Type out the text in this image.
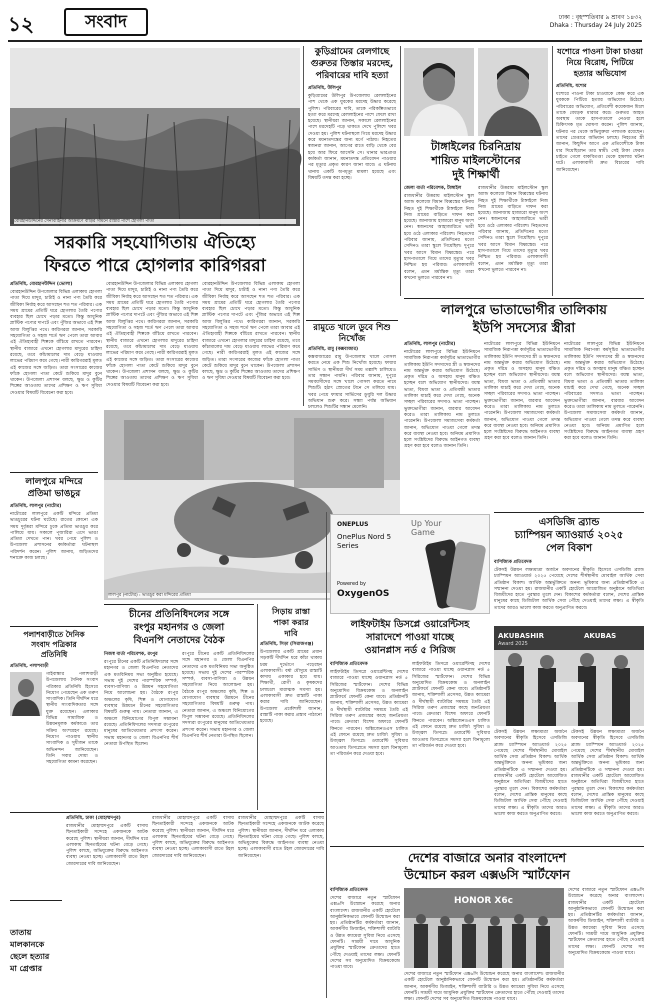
১২	সংবাদ	ঢাকা : বৃহস্পতিবার ৯ শ্রাবণ ১৪৩২
Dhaka : Thursday 24 July 2025
বোরহানউদ্দিনের সেনাবাহিনীর আক্রমণে বাড়ির সামনে রাস্তার পাশে হোগলা পাতা
সরকারি সহযোগিতায় ঐতিহ্যে
ফিরতে পারে হোগলার কারিগররা
প্রতিনিধি, বোরহানউদ্দিন (ভোলা)
বোরহানউদ্দিন উপজেলার বিভিন্ন এলাকায় হোগলা পাতা দিয়ে মাদুর, চাটাই ও নানা পণ্য তৈরি করে জীবিকা নির্বাহ করে আসছেন শত শত পরিবার। এক সময় গ্রামের প্রতিটি ঘরে হোগলার তৈরি পণ্যের ব্যবহার ছিল চোখে পড়ার মতো। কিন্তু আধুনিক প্লাস্টিক পণ্যের দাপটে এবং পুঁজির অভাবে এই শিল্প আজ বিলুপ্তির পথে। কারিগররা জানান, সরকারি সহযোগিতা ও সহজ শর্তে ঋণ পেলে তারা আবার এই ঐতিহ্যবাহী শিল্পকে বাঁচিয়ে রাখতে পারবেন। স্থানীয় বাজারে এখনো হোগলার মাদুরের চাহিদা রয়েছে, তবে কাঁচামালের দাম বেড়ে যাওয়ায় লাভের পরিমাণ কমে গেছে। নারী কারিগররাই মূলত এই কাজের সঙ্গে জড়িত। তারা সংসারের কাজের ফাঁকে হোগলা পাতা কেটে শুকিয়ে মাদুর বুনে থাকেন। উপজেলা প্রশাসন বলছে, ক্ষুদ্র ও কুটির শিল্পের আওতায় তাদের প্রশিক্ষণ ও ঋণ সুবিধা দেওয়ার বিষয়টি বিবেচনা করা হবে।
বোরহানউদ্দিন উপজেলার বিভিন্ন এলাকায় হোগলা পাতা দিয়ে মাদুর, চাটাই ও নানা পণ্য তৈরি করে জীবিকা নির্বাহ করে আসছেন শত শত পরিবার। এক সময় গ্রামের প্রতিটি ঘরে হোগলার তৈরি পণ্যের ব্যবহার ছিল চোখে পড়ার মতো। কিন্তু আধুনিক প্লাস্টিক পণ্যের দাপটে এবং পুঁজির অভাবে এই শিল্প আজ বিলুপ্তির পথে। কারিগররা জানান, সরকারি সহযোগিতা ও সহজ শর্তে ঋণ পেলে তারা আবার এই ঐতিহ্যবাহী শিল্পকে বাঁচিয়ে রাখতে পারবেন। স্থানীয় বাজারে এখনো হোগলার মাদুরের চাহিদা রয়েছে, তবে কাঁচামালের দাম বেড়ে যাওয়ায় লাভের পরিমাণ কমে গেছে। নারী কারিগররাই মূলত এই কাজের সঙ্গে জড়িত। তারা সংসারের কাজের ফাঁকে হোগলা পাতা কেটে শুকিয়ে মাদুর বুনে থাকেন। উপজেলা প্রশাসন বলছে, ক্ষুদ্র ও কুটির শিল্পের আওতায় তাদের প্রশিক্ষণ ও ঋণ সুবিধা দেওয়ার বিষয়টি বিবেচনা করা হবে।
বোরহানউদ্দিন উপজেলার বিভিন্ন এলাকায় হোগলা পাতা দিয়ে মাদুর, চাটাই ও নানা পণ্য তৈরি করে জীবিকা নির্বাহ করে আসছেন শত শত পরিবার। এক সময় গ্রামের প্রতিটি ঘরে হোগলার তৈরি পণ্যের ব্যবহার ছিল চোখে পড়ার মতো। কিন্তু আধুনিক প্লাস্টিক পণ্যের দাপটে এবং পুঁজির অভাবে এই শিল্প আজ বিলুপ্তির পথে। কারিগররা জানান, সরকারি সহযোগিতা ও সহজ শর্তে ঋণ পেলে তারা আবার এই ঐতিহ্যবাহী শিল্পকে বাঁচিয়ে রাখতে পারবেন। স্থানীয় বাজারে এখনো হোগলার মাদুরের চাহিদা রয়েছে, তবে কাঁচামালের দাম বেড়ে যাওয়ায় লাভের পরিমাণ কমে গেছে। নারী কারিগররাই মূলত এই কাজের সঙ্গে জড়িত। তারা সংসারের কাজের ফাঁকে হোগলা পাতা কেটে শুকিয়ে মাদুর বুনে থাকেন। উপজেলা প্রশাসন বলছে, ক্ষুদ্র ও কুটির শিল্পের আওতায় তাদের প্রশিক্ষণ ও ঋণ সুবিধা দেওয়ার বিষয়টি বিবেচনা করা হবে।
কুড়িগ্রামের রেলগাছে
গুরুতর তিস্তার মরদেহ,
পরিবারের দাবি হত্যা
প্রতিনিধি, উলিপুর
কুড়িগ্রামের উলিপুর উপজেলায় রেললাইনের পাশ থেকে এক যুবকের মরদেহ উদ্ধার করেছে পুলিশ। পরিবারের দাবি, তাকে পরিকল্পিতভাবে হত্যা করে মরদেহ রেললাইনের পাশে ফেলে রাখা হয়েছে। স্থানীয়রা জানান, সকালে রেললাইনের পাশে মরদেহটি পড়ে থাকতে দেখে পুলিশে খবর দেওয়া হয়। পুলিশ ঘটনাস্থলে গিয়ে মরদেহ উদ্ধার করে ময়নাতদন্তের জন্য মর্গে পাঠায়। নিহতের স্বজনরা জানান, আগের রাতে বাড়ি থেকে বের হয়ে আর ফিরে আসেনি সে। থানার ভারপ্রাপ্ত কর্মকর্তা জানান, ময়নাতদন্ত প্রতিবেদন পাওয়ার পর মৃত্যুর প্রকৃত কারণ জানা যাবে। এ ঘটনায় থানায় একটি অপমৃত্যু মামলা হয়েছে এবং বিষয়টি তদন্ত করা হচ্ছে।
রামুতে খালে ডুবে শিশু নিখোঁজ
প্রতিনিধি, রামু (কক্সবাজার)
কক্সবাজারের রামু উপজেলায় খালে গোসল করতে নেমে এক শিশু নিখোঁজ হয়েছে। ফায়ার সার্ভিস ও স্থানীয়রা দীর্ঘ সময় তল্লাশি চালিয়েও তার সন্ধান পায়নি। পরিবার জানায়, দুপুরে সমবয়সীদের সঙ্গে খালে গোসল করতে নামে শিশুটি। হঠাৎ স্রোতের টানে সে তলিয়ে যায়। খবর পেয়ে ফায়ার সার্ভিসের ডুবুরি দল উদ্ধার অভিযান শুরু করে। সন্ধ্যা পর্যন্ত অভিযান চললেও শিশুটির সন্ধান মেলেনি।
টাঙ্গাইলের চিরনিদ্রায়
শায়িত মাইলস্টোনের
দুই শিক্ষার্থী
জেলা বার্তা পরিবেশক, টাঙ্গাইল
রাজধানীর উত্তরায় মাইলস্টোন স্কুল অ্যান্ড কলেজে বিমান বিধ্বস্তের ঘটনায় নিহত দুই শিক্ষার্থীকে টাঙ্গাইলে নিজ নিজ গ্রামের বাড়িতে দাফন করা হয়েছে। জানাজায় হাজারো মানুষ অংশ নেন। স্বজনদের আহাজারিতে ভারী হয়ে ওঠে এলাকার পরিবেশ। নিহতদের পরিবার জানায়, প্রতিদিনের মতো সেদিনও তারা স্কুলে গিয়েছিল। দুপুরে খবর আসে বিমান বিধ্বস্তের। পরে হাসপাতালে গিয়ে তাদের মৃত্যুর খবর নিশ্চিত হয় পরিবার। এলাকাবাসী বলেন, এমন মর্মান্তিক মৃত্যু তারা কখনো ভুলতে পারবেন না।
রাজধানীর উত্তরায় মাইলস্টোন স্কুল অ্যান্ড কলেজে বিমান বিধ্বস্তের ঘটনায় নিহত দুই শিক্ষার্থীকে টাঙ্গাইলে নিজ নিজ গ্রামের বাড়িতে দাফন করা হয়েছে। জানাজায় হাজারো মানুষ অংশ নেন। স্বজনদের আহাজারিতে ভারী হয়ে ওঠে এলাকার পরিবেশ। নিহতদের পরিবার জানায়, প্রতিদিনের মতো সেদিনও তারা স্কুলে গিয়েছিল। দুপুরে খবর আসে বিমান বিধ্বস্তের। পরে হাসপাতালে গিয়ে তাদের মৃত্যুর খবর নিশ্চিত হয় পরিবার। এলাকাবাসী বলেন, এমন মর্মান্তিক মৃত্যু তারা কখনো ভুলতে পারবেন না।
যশোরে পাওনা টাকা চাওয়া
নিয়ে বিরোধ, পিটিয়ে
হত্যার অভিযোগ
প্রতিনিধি, যশোর
যশোরে পাওনা টাকা চাওয়াকে কেন্দ্র করে এক যুবককে পিটিয়ে হত্যার অভিযোগ উঠেছে। পরিবারের অভিযোগ, প্রতিবেশী কয়েকজন মিলে তাকে বেধড়ক মারধর করে। গুরুতর আহত অবস্থায় তাকে হাসপাতালে নেওয়া হলে চিকিৎসক মৃত ঘোষণা করেন। পুলিশ জানায়, ঘটনার পর থেকে অভিযুক্তরা পলাতক রয়েছেন। তাদের গ্রেপ্তারে অভিযান চলছে। নিহতের স্ত্রী জানান, কিছুদিন আগে এক প্রতিবেশীকে টাকা ধার দিয়েছিলেন তার স্বামী। সেই টাকা ফেরত চাইতে গেলে বাকবিতণ্ডা থেকে হামলার ঘটনা ঘটে। এলাকাবাসী দ্রুত বিচারের দাবি জানিয়েছেন।
লালপুরে ভাতাভোগীর তালিকায়
ইউপি সদস্যের স্ত্রীরা
প্রতিনিধি, লালপুর (নাটোর)
নাটোরের লালপুরে বিভিন্ন ইউনিয়নে সামাজিক নিরাপত্তা কর্মসূচির ভাতাভোগীর তালিকায় ইউপি সদস্যদের স্ত্রী ও স্বজনদের নাম অন্তর্ভুক্ত করার অভিযোগ উঠেছে। প্রকৃত দরিদ্র ও অসহায় মানুষ বঞ্চিত হচ্ছেন বলে অভিযোগ স্থানীয়দের। বয়স্ক ভাতা, বিধবা ভাতা ও প্রতিবন্ধী ভাতার তালিকা যাচাই করে দেখা গেছে, অনেক সচ্ছল পরিবারের সদস্যও ভাতা পাচ্ছেন। ভুক্তভোগীরা জানান, বারবার আবেদন করেও তারা তালিকায় নাম তুলতে পারেননি। উপজেলা সমাজসেবা কর্মকর্তা জানান, অভিযোগ পাওয়া গেলে তদন্ত করে ব্যবস্থা নেওয়া হবে। অনিয়ম প্রমাণিত হলে সংশ্লিষ্টদের বিরুদ্ধে আইনগত ব্যবস্থা গ্রহণ করা হবে বলেও জানান তিনি।
নাটোরের লালপুরে বিভিন্ন ইউনিয়নে সামাজিক নিরাপত্তা কর্মসূচির ভাতাভোগীর তালিকায় ইউপি সদস্যদের স্ত্রী ও স্বজনদের নাম অন্তর্ভুক্ত করার অভিযোগ উঠেছে। প্রকৃত দরিদ্র ও অসহায় মানুষ বঞ্চিত হচ্ছেন বলে অভিযোগ স্থানীয়দের। বয়স্ক ভাতা, বিধবা ভাতা ও প্রতিবন্ধী ভাতার তালিকা যাচাই করে দেখা গেছে, অনেক সচ্ছল পরিবারের সদস্যও ভাতা পাচ্ছেন। ভুক্তভোগীরা জানান, বারবার আবেদন করেও তারা তালিকায় নাম তুলতে পারেননি। উপজেলা সমাজসেবা কর্মকর্তা জানান, অভিযোগ পাওয়া গেলে তদন্ত করে ব্যবস্থা নেওয়া হবে। অনিয়ম প্রমাণিত হলে সংশ্লিষ্টদের বিরুদ্ধে আইনগত ব্যবস্থা গ্রহণ করা হবে বলেও জানান তিনি।
নাটোরের লালপুরে বিভিন্ন ইউনিয়নে সামাজিক নিরাপত্তা কর্মসূচির ভাতাভোগীর তালিকায় ইউপি সদস্যদের স্ত্রী ও স্বজনদের নাম অন্তর্ভুক্ত করার অভিযোগ উঠেছে। প্রকৃত দরিদ্র ও অসহায় মানুষ বঞ্চিত হচ্ছেন বলে অভিযোগ স্থানীয়দের। বয়স্ক ভাতা, বিধবা ভাতা ও প্রতিবন্ধী ভাতার তালিকা যাচাই করে দেখা গেছে, অনেক সচ্ছল পরিবারের সদস্যও ভাতা পাচ্ছেন। ভুক্তভোগীরা জানান, বারবার আবেদন করেও তারা তালিকায় নাম তুলতে পারেননি। উপজেলা সমাজসেবা কর্মকর্তা জানান, অভিযোগ পাওয়া গেলে তদন্ত করে ব্যবস্থা নেওয়া হবে। অনিয়ম প্রমাণিত হলে সংশ্লিষ্টদের বিরুদ্ধে আইনগত ব্যবস্থা গ্রহণ করা হবে বলেও জানান তিনি।
লালপুরে মন্দিরে
প্রতিমা ভাঙচুর
প্রতিনিধি, লালপুর (নাটোর)
নাটোরের লালপুরে একটি মন্দিরে প্রতিমা ভাঙচুরের ঘটনা ঘটেছে। রাতের কোনো এক সময় দুর্বৃত্তরা মন্দিরে ঢুকে প্রতিমা ভাঙচুর করে পালিয়ে যায়। সকালে পূজারিরা এসে ভাঙা প্রতিমা দেখতে পান। খবর পেয়ে পুলিশ ও উপজেলা প্রশাসনের কর্মকর্তারা ঘটনাস্থল পরিদর্শন করেন। পুলিশ জানায়, জড়িতদের শনাক্তে কাজ চলছে।
লালপুর (নাটোর) : ভাঙচুর করা মন্দিরের প্রতিমা
পলাশবাড়ীতে দৈনিক
সংবাদ পত্রিকার
প্রতিনিধি
প্রতিনিধি, পলাশবাড়ী
গাইবান্ধার পলাশবাড়ী উপজেলায় দৈনিক সংবাদ পত্রিকার প্রতিনিধি হিসেবে নিয়োগ পেয়েছেন এক তরুণ সাংবাদিক। তিনি দীর্ঘদিন ধরে স্থানীয় সাংবাদিকতার সঙ্গে যুক্ত রয়েছেন। এলাকার বিভিন্ন সামাজিক ও উন্নয়নমূলক কর্মকাণ্ডে তার সক্রিয় অংশগ্রহণ রয়েছে। নিয়োগ পাওয়ায় স্থানীয় সাংবাদিক ও সুধীজন তাকে অভিনন্দন জানিয়েছেন। তিনি সবার দোয়া ও সহযোগিতা কামনা করেছেন।
চীনের প্রতিনিধিদলের সঙ্গে
রংপুর মহানগর ও জেলা
বিএনপি নেতাদের বৈঠক
নিজস্ব বার্তা পরিবেশক, রংপুর
রংপুরে চীনের একটি প্রতিনিধিদলের সঙ্গে মহানগর ও জেলা বিএনপির নেতাদের এক মতবিনিময় সভা অনুষ্ঠিত হয়েছে। সভায় দুই দেশের পারস্পরিক সম্পর্ক, ব্যবসা-বাণিজ্য ও উন্নয়ন সহযোগিতা নিয়ে আলোচনা হয়। বৈঠকে রংপুর অঞ্চলের কৃষি, শিল্প ও যোগাযোগ ব্যবস্থার উন্নয়নে চীনের সহযোগিতার বিষয়টি গুরুত্ব পায়। নেতারা জানান, এ অঞ্চলে বিনিয়োগের বিপুল সম্ভাবনা রয়েছে। প্রতিনিধিদলের সদস্যরা রংপুরের মানুষের আতিথেয়তার প্রশংসা করেন। সভায় মহানগর ও জেলা বিএনপির শীর্ষ নেতারা উপস্থিত ছিলেন।
রংপুরে চীনের একটি প্রতিনিধিদলের সঙ্গে মহানগর ও জেলা বিএনপির নেতাদের এক মতবিনিময় সভা অনুষ্ঠিত হয়েছে। সভায় দুই দেশের পারস্পরিক সম্পর্ক, ব্যবসা-বাণিজ্য ও উন্নয়ন সহযোগিতা নিয়ে আলোচনা হয়। বৈঠকে রংপুর অঞ্চলের কৃষি, শিল্প ও যোগাযোগ ব্যবস্থার উন্নয়নে চীনের সহযোগিতার বিষয়টি গুরুত্ব পায়। নেতারা জানান, এ অঞ্চলে বিনিয়োগের বিপুল সম্ভাবনা রয়েছে। প্রতিনিধিদলের সদস্যরা রংপুরের মানুষের আতিথেয়তার প্রশংসা করেন। সভায় মহানগর ও জেলা বিএনপির শীর্ষ নেতারা উপস্থিত ছিলেন।
সিড়ায় রাস্তা
পাকা করার
দাবি
প্রতিনিধি, সিড়া (সিরাজগঞ্জ)
উপজেলার একটি গ্রামের প্রধান সড়কটি দীর্ঘদিন ধরে কাঁচা থাকায় চরম দুর্ভোগে পড়েছেন এলাকাবাসী। বর্ষা মৌসুমে রাস্তাটি কাদায় একাকার হয়ে যায়। শিক্ষার্থী, রোগী ও কৃষকদের চলাচলে মারাত্মক সমস্যা হয়। এলাকাবাসী দ্রুত রাস্তাটি পাকা করার দাবি জানিয়েছেন। উপজেলা প্রকৌশলী জানান, রাস্তাটি পাকা করার প্রস্তাব পাঠানো হয়েছে।
প্রতিনিধি, ঢাকা (মোহাম্মদপুর)
রাজধানীর মোহাম্মদপুরে একটি বাসায় ছিনতাইকারী সন্দেহে একজনকে আটক করেছে পুলিশ। স্থানীয়রা জানান, দীর্ঘদিন ধরে এলাকায় ছিনতাইয়ের ঘটনা বেড়ে গেছে। পুলিশ বলছে, অভিযুক্তের বিরুদ্ধে আইনগত ব্যবস্থা নেওয়া হচ্ছে। এলাকাবাসী রাতে টহল জোরদারের দাবি জানিয়েছেন।
রাজধানীর মোহাম্মদপুরে একটি বাসায় ছিনতাইকারী সন্দেহে একজনকে আটক করেছে পুলিশ। স্থানীয়রা জানান, দীর্ঘদিন ধরে এলাকায় ছিনতাইয়ের ঘটনা বেড়ে গেছে। পুলিশ বলছে, অভিযুক্তের বিরুদ্ধে আইনগত ব্যবস্থা নেওয়া হচ্ছে। এলাকাবাসী রাতে টহল জোরদারের দাবি জানিয়েছেন।
রাজধানীর মোহাম্মদপুরে একটি বাসায় ছিনতাইকারী সন্দেহে একজনকে আটক করেছে পুলিশ। স্থানীয়রা জানান, দীর্ঘদিন ধরে এলাকায় ছিনতাইয়ের ঘটনা বেড়ে গেছে। পুলিশ বলছে, অভিযুক্তের বিরুদ্ধে আইনগত ব্যবস্থা নেওয়া হচ্ছে। এলাকাবাসী রাতে টহল জোরদারের দাবি জানিয়েছেন।
তাতায়
মালকানকে
ছেলে হত্যার
মা গ্রেপ্তার
ONEPLUS
OnePlus Nord 5 Series
Powered by
OxygenOS
Up Your Game
লাইফটাইম ডিসপ্লে ওয়ারেন্টিসহ
সারাদেশে পাওয়া যাচ্ছে
ওয়ানপ্লাস নর্ড ৫ সিরিজ
বাণিজ্যিক প্রতিবেদক
লাইফটাইম ডিসপ্লে ওয়ারেন্টিসহ দেশের বাজারে পাওয়া যাচ্ছে ওয়ানপ্লাস নর্ড ৫ সিরিজের স্মার্টফোন। দেশের বিভিন্ন অনুমোদিত বিক্রয়কেন্দ্র ও অনলাইন প্ল্যাটফর্মে ফোনটি কেনা যাবে। প্রতিষ্ঠানটি জানায়, শক্তিশালী প্রসেসর, উন্নত ক্যামেরা ও দীর্ঘস্থায়ী ব্যাটারির সমন্বয়ে তৈরি এই সিরিজ তরুণ প্রজন্মের কাছে জনপ্রিয়তা পাবে। ক্রেতারা বিশেষ অফারে ফোনটি কিনতে পারবেন। অক্সিজেনওএস চালিত এই ফোনে রয়েছে দ্রুত চার্জিং সুবিধা ও উজ্জ্বল ডিসপ্লে। ওয়ারেন্টি সুবিধার আওতায় ডিসপ্লেতে সমস্যা হলে বিনামূল্যে তা পরিবর্তন করে দেওয়া হবে।
লাইফটাইম ডিসপ্লে ওয়ারেন্টিসহ দেশের বাজারে পাওয়া যাচ্ছে ওয়ানপ্লাস নর্ড ৫ সিরিজের স্মার্টফোন। দেশের বিভিন্ন অনুমোদিত বিক্রয়কেন্দ্র ও অনলাইন প্ল্যাটফর্মে ফোনটি কেনা যাবে। প্রতিষ্ঠানটি জানায়, শক্তিশালী প্রসেসর, উন্নত ক্যামেরা ও দীর্ঘস্থায়ী ব্যাটারির সমন্বয়ে তৈরি এই সিরিজ তরুণ প্রজন্মের কাছে জনপ্রিয়তা পাবে। ক্রেতারা বিশেষ অফারে ফোনটি কিনতে পারবেন। অক্সিজেনওএস চালিত এই ফোনে রয়েছে দ্রুত চার্জিং সুবিধা ও উজ্জ্বল ডিসপ্লে। ওয়ারেন্টি সুবিধার আওতায় ডিসপ্লেতে সমস্যা হলে বিনামূল্যে তা পরিবর্তন করে দেওয়া হবে।
এসডিজি ব্র্যান্ড
চ্যাম্পিয়ন অ্যাওয়ার্ড ২০২৫
পেল বিকাশ
বাণিজ্যিক প্রতিবেদক
টেকসই উন্নয়ন লক্ষ্যমাত্রা অর্জনে অবদানের স্বীকৃতি হিসেবে এসডিজি ব্র্যান্ড চ্যাম্পিয়ন অ্যাওয়ার্ড ২০২৫ পেয়েছে দেশের শীর্ষস্থানীয় মোবাইল আর্থিক সেবা প্রতিষ্ঠান বিকাশ। আর্থিক অন্তর্ভুক্তিতে অনন্য ভূমিকার জন্য প্রতিষ্ঠানটিকে এ সম্মাননা দেওয়া হয়। রাজধানীর একটি হোটেলে আয়োজিত অনুষ্ঠানে অতিথিরা বিজয়ীদের হাতে পুরস্কার তুলে দেন। বিকাশের কর্মকর্তারা বলেন, দেশের প্রান্তিক মানুষের কাছে ডিজিটাল আর্থিক সেবা পৌঁছে দেওয়াই তাদের লক্ষ্য। এ স্বীকৃতি তাদের আরও ভালো কাজ করতে অনুপ্রাণিত করবে।
AKUBASHIR	AKUBAS
Award 2025
টেকসই উন্নয়ন লক্ষ্যমাত্রা অর্জনে অবদানের স্বীকৃতি হিসেবে এসডিজি ব্র্যান্ড চ্যাম্পিয়ন অ্যাওয়ার্ড ২০২৫ পেয়েছে দেশের শীর্ষস্থানীয় মোবাইল আর্থিক সেবা প্রতিষ্ঠান বিকাশ। আর্থিক অন্তর্ভুক্তিতে অনন্য ভূমিকার জন্য প্রতিষ্ঠানটিকে এ সম্মাননা দেওয়া হয়। রাজধানীর একটি হোটেলে আয়োজিত অনুষ্ঠানে অতিথিরা বিজয়ীদের হাতে পুরস্কার তুলে দেন। বিকাশের কর্মকর্তারা বলেন, দেশের প্রান্তিক মানুষের কাছে ডিজিটাল আর্থিক সেবা পৌঁছে দেওয়াই তাদের লক্ষ্য। এ স্বীকৃতি তাদের আরও ভালো কাজ করতে অনুপ্রাণিত করবে।
টেকসই উন্নয়ন লক্ষ্যমাত্রা অর্জনে অবদানের স্বীকৃতি হিসেবে এসডিজি ব্র্যান্ড চ্যাম্পিয়ন অ্যাওয়ার্ড ২০২৫ পেয়েছে দেশের শীর্ষস্থানীয় মোবাইল আর্থিক সেবা প্রতিষ্ঠান বিকাশ। আর্থিক অন্তর্ভুক্তিতে অনন্য ভূমিকার জন্য প্রতিষ্ঠানটিকে এ সম্মাননা দেওয়া হয়। রাজধানীর একটি হোটেলে আয়োজিত অনুষ্ঠানে অতিথিরা বিজয়ীদের হাতে পুরস্কার তুলে দেন। বিকাশের কর্মকর্তারা বলেন, দেশের প্রান্তিক মানুষের কাছে ডিজিটাল আর্থিক সেবা পৌঁছে দেওয়াই তাদের লক্ষ্য। এ স্বীকৃতি তাদের আরও ভালো কাজ করতে অনুপ্রাণিত করবে।
দেশের বাজারে অনার বাংলাদেশ
উন্মোচন করল এক্স৬সি স্মার্টফোন
বাণিজ্যিক প্রতিবেদক
দেশের বাজারে নতুন স্মার্টফোন এক্স৬সি উন্মোচন করেছে অনার বাংলাদেশ। রাজধানীর একটি হোটেলে আনুষ্ঠানিকভাবে ফোনটি উন্মোচন করা হয়। প্রতিষ্ঠানটির কর্মকর্তারা জানান, আকর্ষণীয় ডিজাইন, শক্তিশালী ব্যাটারি ও উন্নত ক্যামেরা সুবিধা নিয়ে এসেছে ফোনটি। সাশ্রয়ী দামে আধুনিক প্রযুক্তির স্মার্টফোন ক্রেতাদের হাতে পৌঁছে দেওয়াই তাদের লক্ষ্য। ফোনটি দেশের সব অনুমোদিত বিক্রয়কেন্দ্রে পাওয়া যাবে।
HONOR X6c
দেশের বাজারে নতুন স্মার্টফোন এক্স৬সি উন্মোচন করেছে অনার বাংলাদেশ। রাজধানীর একটি হোটেলে আনুষ্ঠানিকভাবে ফোনটি উন্মোচন করা হয়। প্রতিষ্ঠানটির কর্মকর্তারা জানান, আকর্ষণীয় ডিজাইন, শক্তিশালী ব্যাটারি ও উন্নত ক্যামেরা সুবিধা নিয়ে এসেছে ফোনটি। সাশ্রয়ী দামে আধুনিক প্রযুক্তির স্মার্টফোন ক্রেতাদের হাতে পৌঁছে দেওয়াই তাদের লক্ষ্য। ফোনটি দেশের সব অনুমোদিত বিক্রয়কেন্দ্রে পাওয়া যাবে।
দেশের বাজারে নতুন স্মার্টফোন এক্স৬সি উন্মোচন করেছে অনার বাংলাদেশ। রাজধানীর একটি হোটেলে আনুষ্ঠানিকভাবে ফোনটি উন্মোচন করা হয়। প্রতিষ্ঠানটির কর্মকর্তারা জানান, আকর্ষণীয় ডিজাইন, শক্তিশালী ব্যাটারি ও উন্নত ক্যামেরা সুবিধা নিয়ে এসেছে ফোনটি। সাশ্রয়ী দামে আধুনিক প্রযুক্তির স্মার্টফোন ক্রেতাদের হাতে পৌঁছে দেওয়াই তাদের লক্ষ্য। ফোনটি দেশের সব অনুমোদিত বিক্রয়কেন্দ্রে পাওয়া যাবে।
